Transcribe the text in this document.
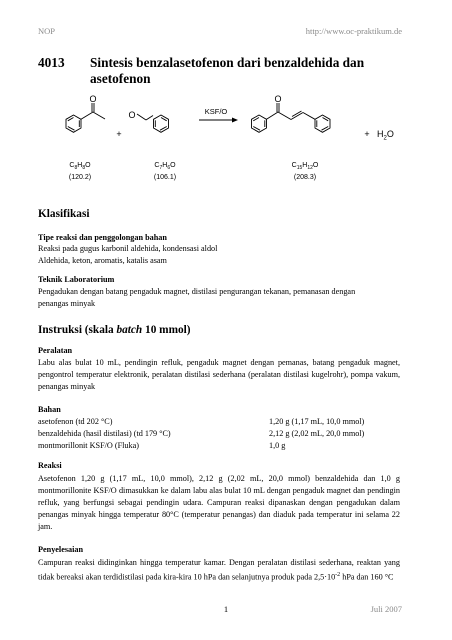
NOP	http://www.oc-praktikum.de
4013 Sintesis benzalasetofenon dari benzaldehida dan
asetofenon
O
O
O
+
KSF/O
+ $H_2O$
$C_8H_8O$
(120.2)
$C_7H_6O$
(106.1)
$C_{15}H_{12}O$
(208.3)
Klasifikasi
Tipe reaksi dan penggolongan bahan
Reaksi pada gugus karbonil aldehida, kondensasi aldol
Aldehida, keton, aromatis, katalis asam
Teknik Laboratorium
Pengadukan dengan batang pengaduk magnet, distilasi pengurangan tekanan, pemanasan dengan penangas minyak
Instruksi (skala batch 10 mmol)
Peralatan
Labu alas bulat 10 mL, pendingin refluk, pengaduk magnet dengan pemanas, batang pengaduk magnet, pengontrol temperatur elektronik, peralatan distilasi sederhana (peralatan distilasi kugelrohr), pompa vakum, penangas minyak
Bahan
asetofenon (td 202 °C)	1,20 g (1,17 mL, 10,0 mmol)
benzaldehida (hasil distilasi) (td 179 °C)	2,12 g (2,02 mL, 20,0 mmol)
montmorillonit KSF/O (Fluka)	1,0 g
Reaksi
Asetofenon 1,20 g (1,17 mL, 10,0 mmol), 2,12 g (2,02 mL, 20,0 mmol) benzaldehida dan 1,0 g montmorillonite KSF/O dimasukkan ke dalam labu alas bulat 10 mL dengan pengaduk magnet dan pendingin refluk, yang berfungsi sebagai pendingin udara. Campuran reaksi dipanaskan dengan pengadukan dalam penangas minyak hingga temperatur 80°C (temperatur penangas) dan diaduk pada temperatur ini selama 22 jam.
Penyelesaian
Campuran reaksi didinginkan hingga temperatur kamar. Dengan peralatan distilasi sederhana, reaktan yang tidak bereaksi akan terdidistilasi pada kira-kira 10 hPa dan selanjutnya produk pada $2,5\cdot 10^{-2}$ hPa dan 160 °C
1	Juli 2007
